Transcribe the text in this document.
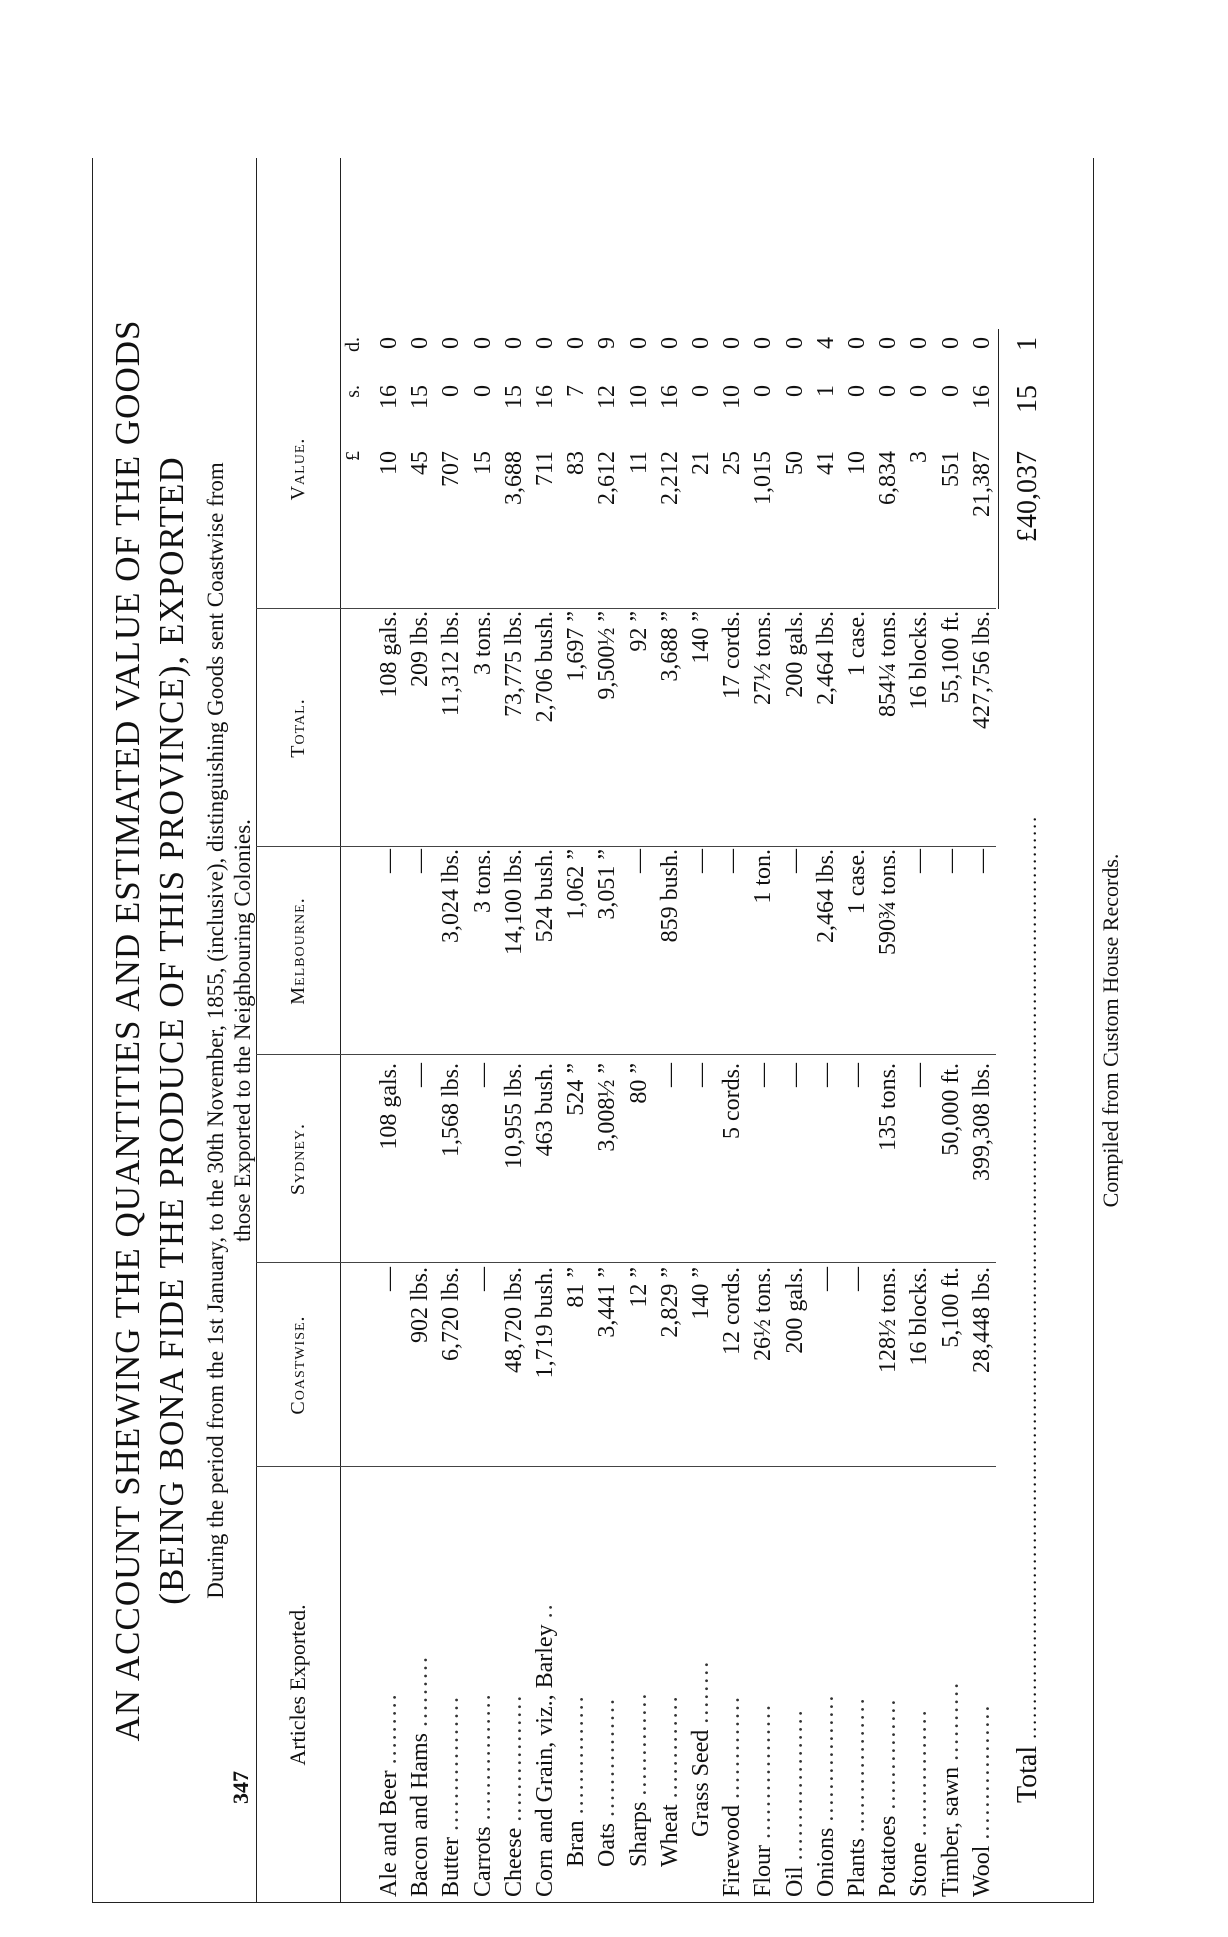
347
AN ACCOUNT SHEWING THE QUANTITIES AND ESTIMATED VALUE OF THE GOODS (BEING BONA FIDE THE PRODUCE OF THIS PROVINCE), EXPORTED During the period from the 1st January, to the 30th November, 1855, (inclusive), distinguishing Goods sent Coastwise from those Exported to the Neighbouring Colonies.
Articles Exported.
Coastwise.
Sydney.
Melbourne.
Total.
Value.	£
s.
d.
Ale and Beer .........
—
108 gals.
—
108 gals.
10
16
0
Bacon and Hams .........
902 lbs.
—
—
209 lbs.
45
15
0
Butter .................
6,720 lbs.
1,568 lbs.
3,024 lbs.
11,312 lbs.
707
0
0
Carrots ................
—
—
3 tons.
3 tons.
15
0
0
Cheese ................
48,720 lbs.
10,955 lbs.
14,100 lbs.
73,775 lbs.
3,688
15
0
Corn and Grain, viz., Barley ..
1,719 bush.
463 bush.
524 bush.
2,706 bush.
711
16
0
Bran ...............
81 ”
524 ”
1,062 ”
1,697 ”
83
7
0
Oats ...............
3,441 ”
3,008½ ”
3,051 ”
9,500½ ”
2,612
12
9
Sharps .............
12 ”
80 ”
—
92 ”
11
10
0
Wheat .............
2,829 ”
—
859 bush.
3,688 ”
2,212
16
0
Grass Seed ........
140 ”
—
—
140 ”
21
0
0
Firewood .............
12 cords.
5 cords.
—
17 cords.
25
10
0
Flour .................
26½ tons.
—
1 ton.
27½ tons.
1,015
0
0
Oil ...................
200 gals.
—
—
200 gals.
50
0
0
Onions ................
—
—
2,464 lbs.
2,464 lbs.
41
1
4
Plants .................
—
—
1 case.
1 case.
10
0
0
Potatoes ..............
128½ tons.
135 tons.
590¾ tons.
854¼ tons.
6,834
0
0
Stone ................
16 blocks.
—
—
16 blocks.
3
0
0
Timber, sawn ..........
5,100 ft.
50,000 ft.
—
55,100 ft.
551
0
0
Wool .................
28,448 lbs.
399,308 lbs.
—
427,756 lbs.
21,387
16
0
Total ....................................................................................................................................
£40,037
15
1
Compiled from Custom House Records.
